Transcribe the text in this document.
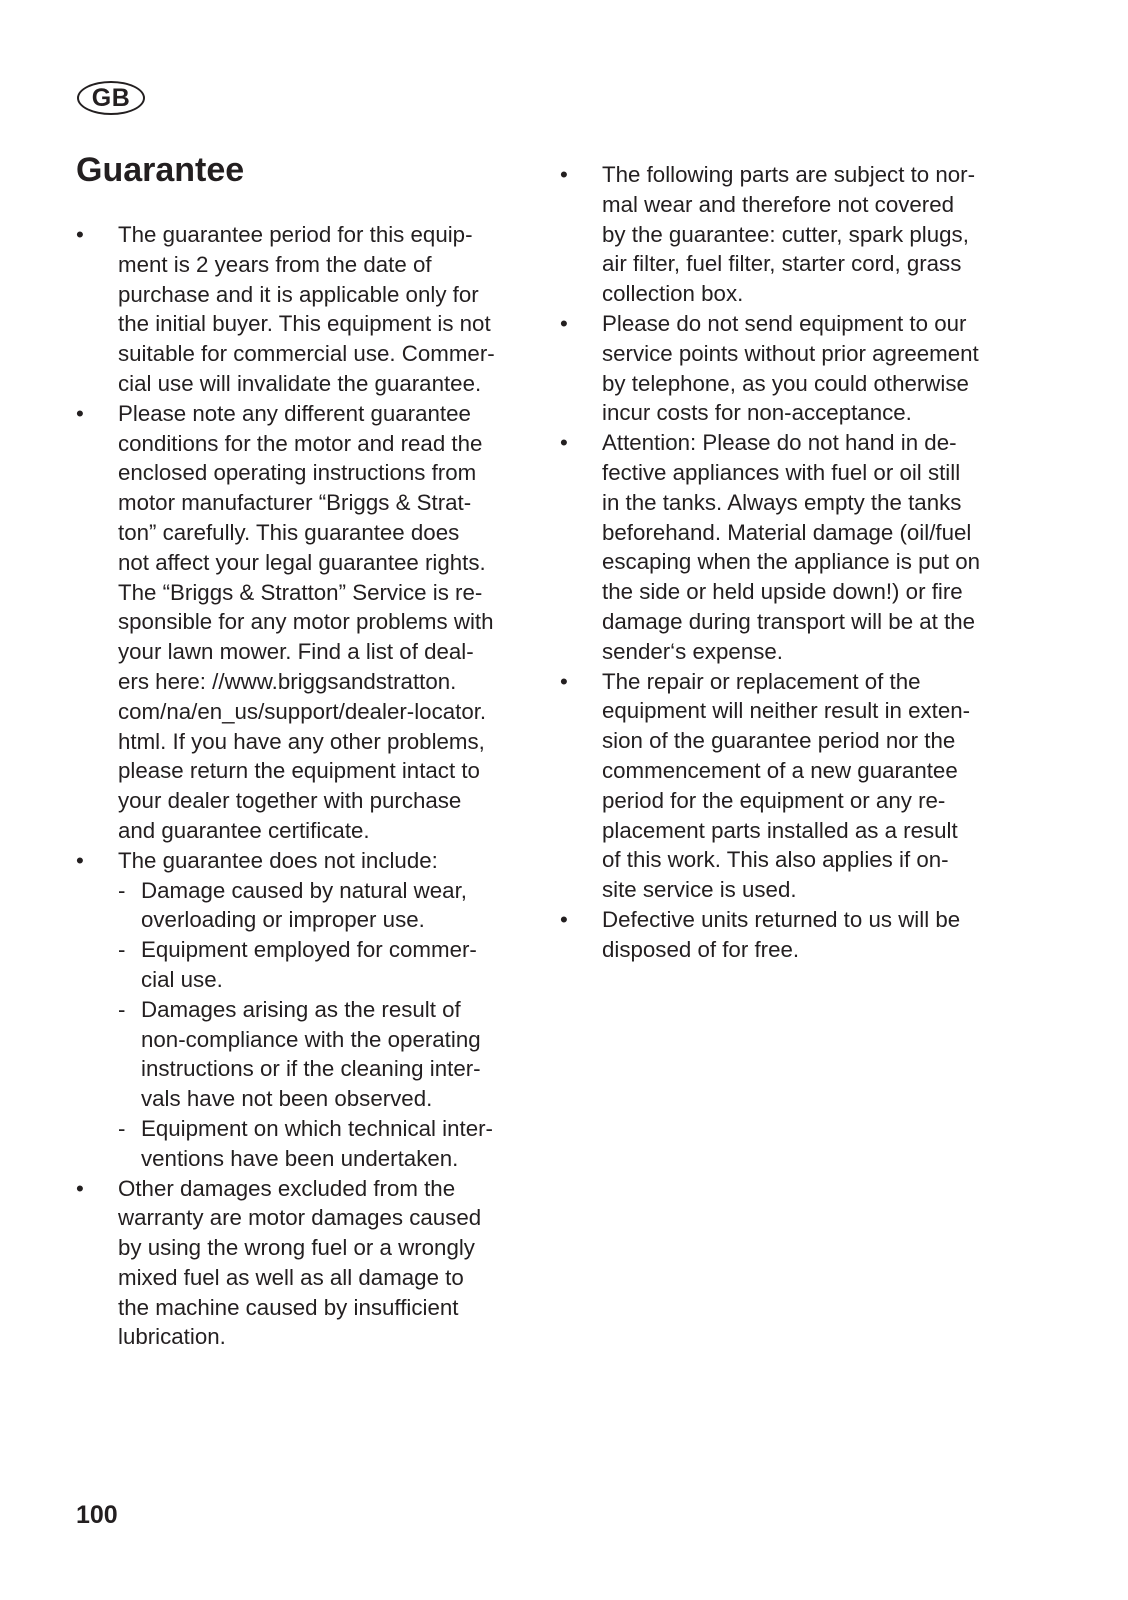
GB
Guarantee
• The guarantee period for this equip-
ment is 2 years from the date of
purchase and it is applicable only for
the initial buyer. This equipment is not
suitable for commercial use. Commer-
cial use will invalidate the guarantee.
• Please note any different guarantee
conditions for the motor and read the
enclosed operating instructions from
motor manufacturer “Briggs & Strat-
ton” carefully. This guarantee does
not affect your legal guarantee rights.
The “Briggs & Stratton” Service is re-
sponsible for any motor problems with
your lawn mower. Find a list of deal-
ers here: //www.briggsandstratton.
com/na/en_us/support/dealer-locator.
html. If you have any other problems,
please return the equipment intact to
your dealer together with purchase
and guarantee certificate.
• The guarantee does not include:
- Damage caused by natural wear,
overloading or improper use.
- Equipment employed for commer-
cial use.
- Damages arising as the result of
non-compliance with the operating
instructions or if the cleaning inter-
vals have not been observed.
- Equipment on which technical inter-
ventions have been undertaken.
• Other damages excluded from the
warranty are motor damages caused
by using the wrong fuel or a wrongly
mixed fuel as well as all damage to
the machine caused by insufficient
lubrication.
• The following parts are subject to nor-
mal wear and therefore not covered
by the guarantee: cutter, spark plugs,
air filter, fuel filter, starter cord, grass
collection box.
• Please do not send equipment to our
service points without prior agreement
by telephone, as you could otherwise
incur costs for non-acceptance.
• Attention: Please do not hand in de-
fective appliances with fuel or oil still
in the tanks. Always empty the tanks
beforehand. Material damage (oil/fuel
escaping when the appliance is put on
the side or held upside down!) or fire
damage during transport will be at the
sender‘s expense.
• The repair or replacement of the
equipment will neither result in exten-
sion of the guarantee period nor the
commencement of a new guarantee
period for the equipment or any re-
placement parts installed as a result
of this work. This also applies if on-
site service is used.
• Defective units returned to us will be
disposed of for free.
100
